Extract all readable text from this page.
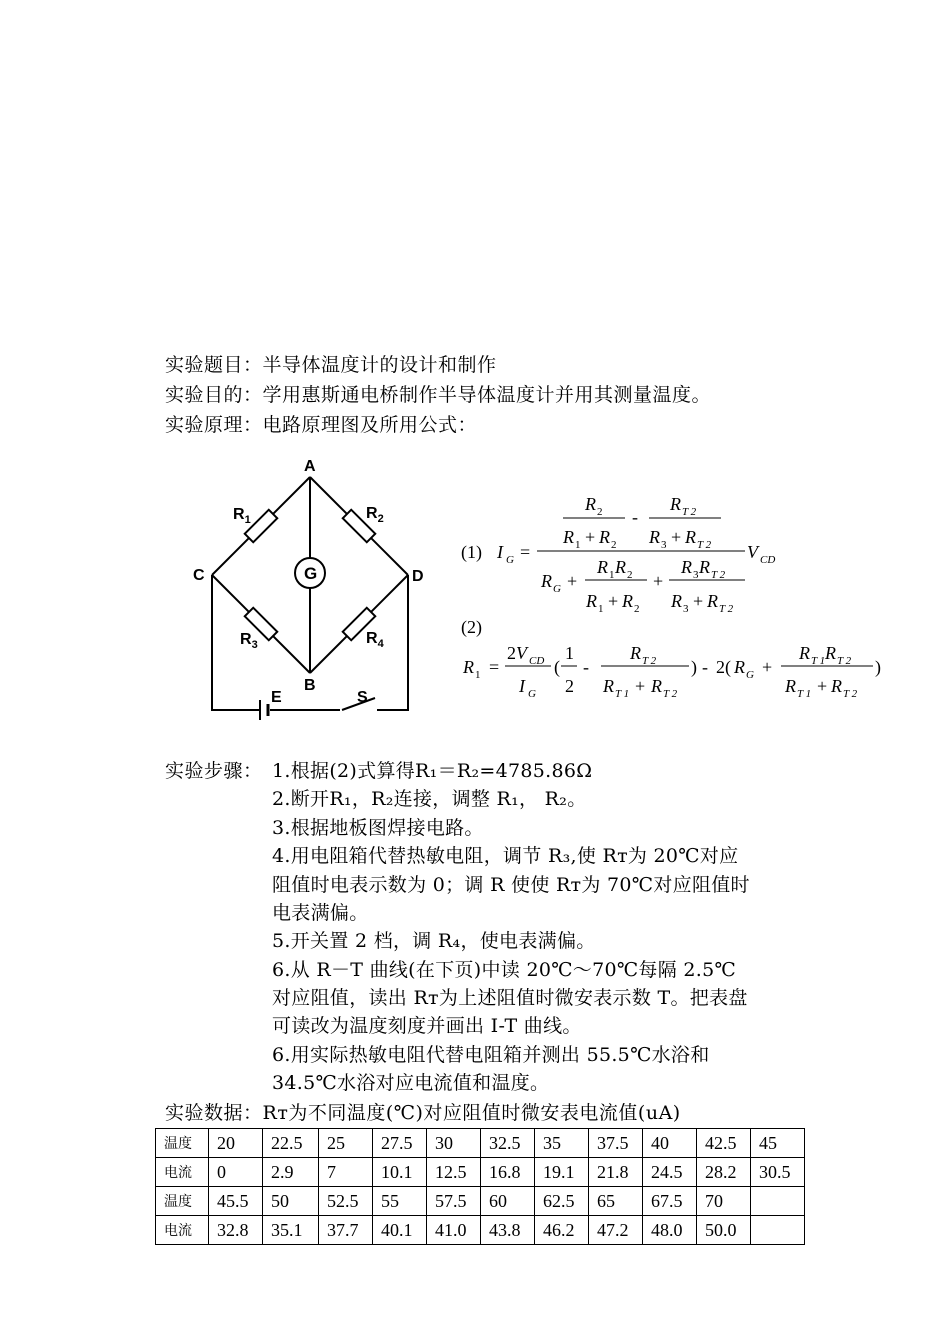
实验题目：半导体温度计的设计和制作
实验目的：学用惠斯通电桥制作半导体温度计并用其测量温度。
实验原理：电路原理图及所用公式：
A
B
C	D
G
$R_1$	$R_2$
$R_3$	$R_4$
E	S
(1) I G =
R 2
R 1 + R 2
-
R T 2
R 3 + R T 2 V CD
R G +
R 1 R 2
R 1 + R 2
+
R 3 R T 2
R 3 + R T 2
(2)
R 1 =
2 V CD
I G
(
1
2
-
R T 2
R T 1 + R T 2
) - 2( R G +
R T 1 R T 2
R T 1 + R T 2
)
实验步骤： 1.根据(2)式算得R₁＝R₂=4785.86Ω
2.断开R₁，R₂连接，调整 R₁， R₂。
3.根据地板图焊接电路。
4.用电阻箱代替热敏电阻，调节 R₃,使 Rᴛ为 20℃对应
阻值时电表示数为 0；调 R 使使 Rᴛ为 70℃对应阻值时
电表满偏。
5.开关置 2 档，调 R₄，使电表满偏。
6.从 R－T 曲线(在下页)中读 20℃～70℃每隔 2.5℃
对应阻值，读出 Rᴛ为上述阻值时微安表示数 T。把表盘
可读改为温度刻度并画出 I-T 曲线。
6.用实际热敏电阻代替电阻箱并测出 55.5℃水浴和
34.5℃水浴对应电流值和温度。
实验数据：Rᴛ为不同温度(℃)对应阻值时微安表电流值(uA)
温度	20	22.5	25	27.5	30	32.5	35	37.5	40	42.5	45
电流	0	2.9	7	10.1	12.5	16.8	19.1	21.8	24.5	28.2	30.5
温度	45.5	50	52.5	55	57.5	60	62.5	65	67.5	70	
电流	32.8	35.1	37.7	40.1	41.0	43.8	46.2	47.2	48.0	50.0	
